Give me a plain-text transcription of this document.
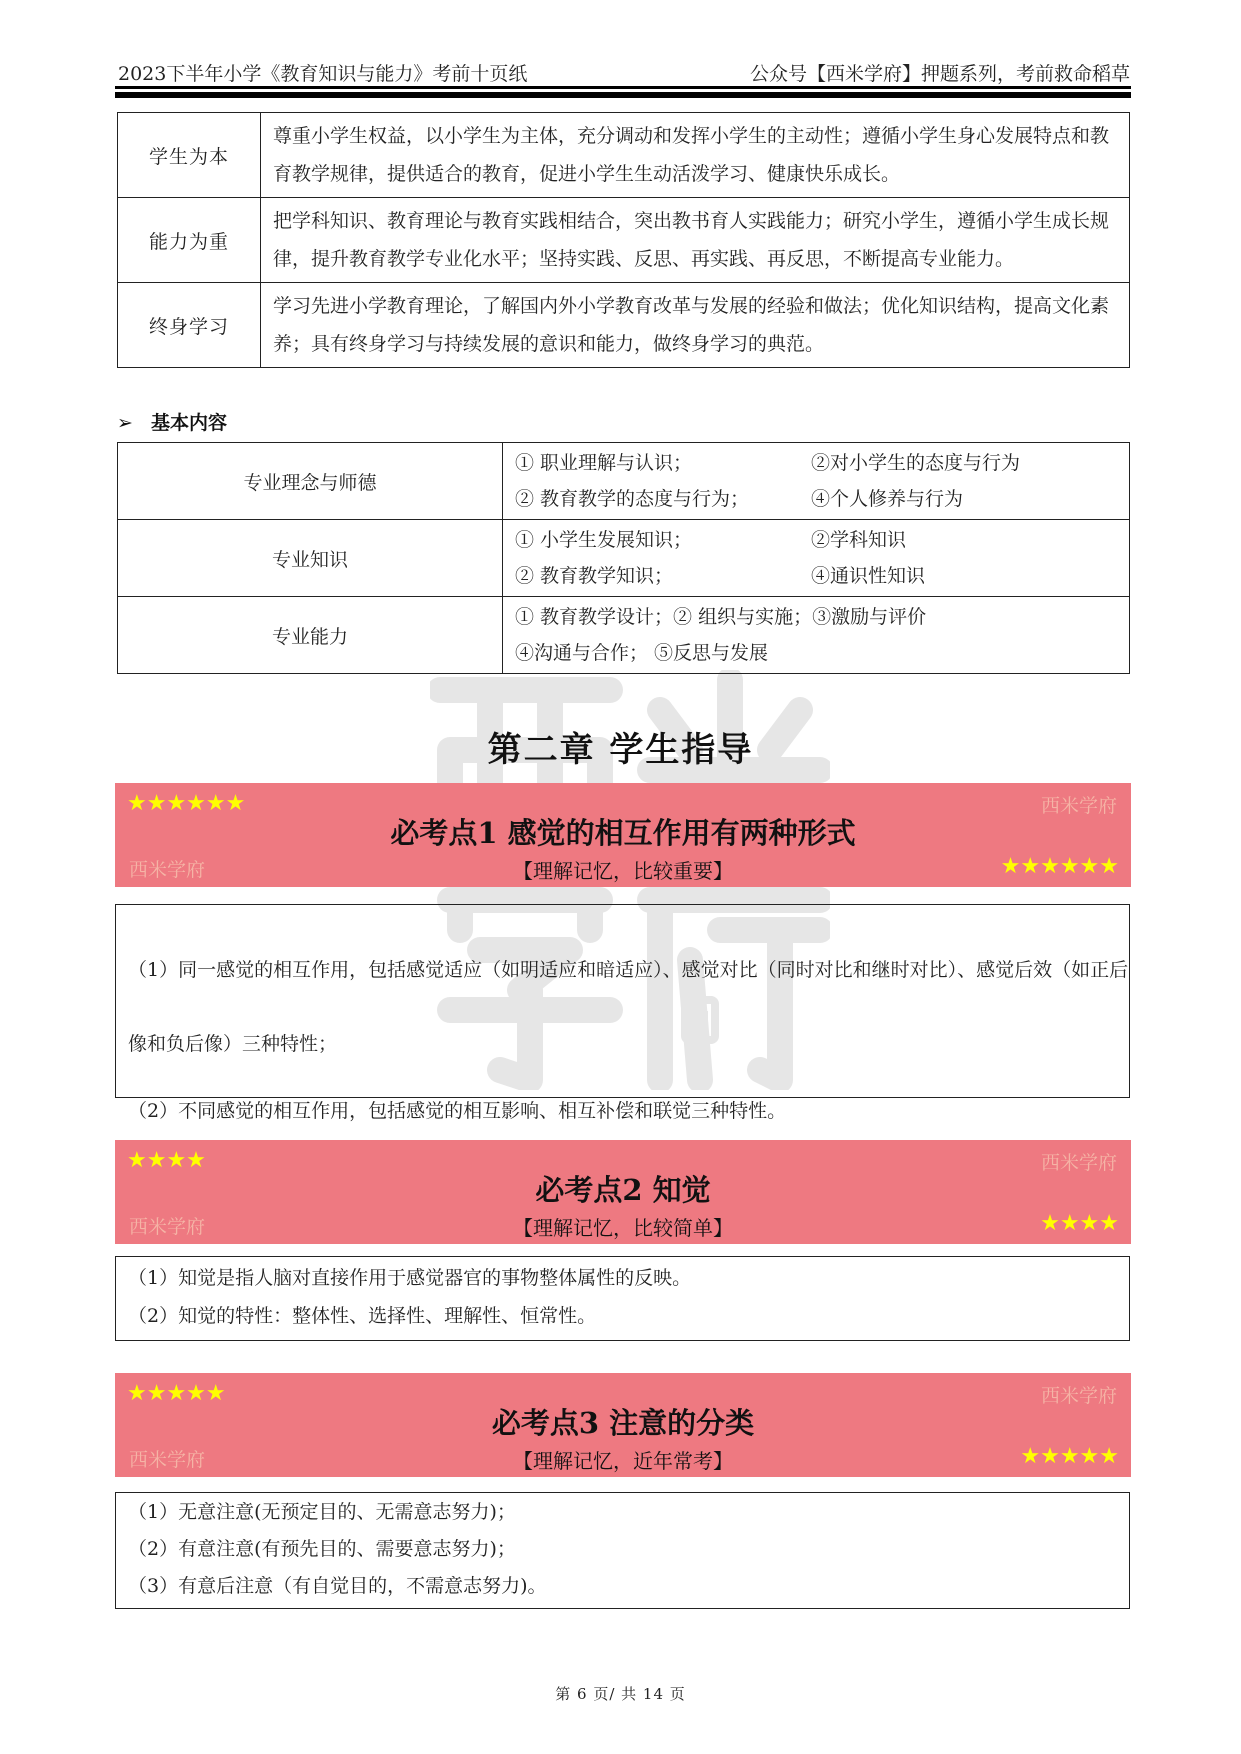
2023下半年小学《教育知识与能力》考前十页纸	公众号【西米学府】押题系列，考前救命稻草
学生为本	尊重小学生权益，以小学生为主体，充分调动和发挥小学生的主动性；遵循小学生身心发展特点和教育教学规律，提供适合的教育，促进小学生生动活泼学习、健康快乐成长。
能力为重	把学科知识、教育理论与教育实践相结合，突出教书育人实践能力；研究小学生，遵循小学生成长规律，提升教育教学专业化水平；坚持实践、反思、再实践、再反思，不断提高专业能力。
终身学习	学习先进小学教育理论，了解国内外小学教育改革与发展的经验和做法；优化知识结构，提高文化素养；具有终身学习与持续发展的意识和能力，做终身学习的典范。
➢ 基本内容
专业理念与师德	① 职业理解与认识； ②对小学生的态度与行为
② 教育教学的态度与行为； ④个人修养与行为

专业知识	① 小学生发展知识； ②学科知识
② 教育教学知识； ④通识性知识

专业能力	① 教育教学设计；② 组织与实施；③激励与评价
④沟通与合作； ⑤反思与发展
第二章 学生指导
★★★★★★	西米学府
必考点1 感觉的相互作用有两种形式
西米学府	【理解记忆，比较重要】	★★★★★★

（1）同一感觉的相互作用，包括感觉适应（如明适应和暗适应）、感觉对比（同时对比和继时对比）、感觉后效（如正后像和负后像）三种特性；

（2）不同感觉的相互作用，包括感觉的相互影响、相互补偿和联觉三种特性。

★★★★	西米学府
必考点2 知觉
西米学府	【理解记忆，比较简单】	★★★★

（1）知觉是指人脑对直接作用于感觉器官的事物整体属性的反映。

（2）知觉的特性：整体性、选择性、理解性、恒常性。

★★★★★	西米学府
必考点3 注意的分类
西米学府	【理解记忆，近年常考】	★★★★★

（1）无意注意(无预定目的、无需意志努力)；

（2）有意注意(有预先目的、需要意志努力)；

（3）有意后注意（有自觉目的，不需意志努力)。

第 6 页/ 共 14 页
